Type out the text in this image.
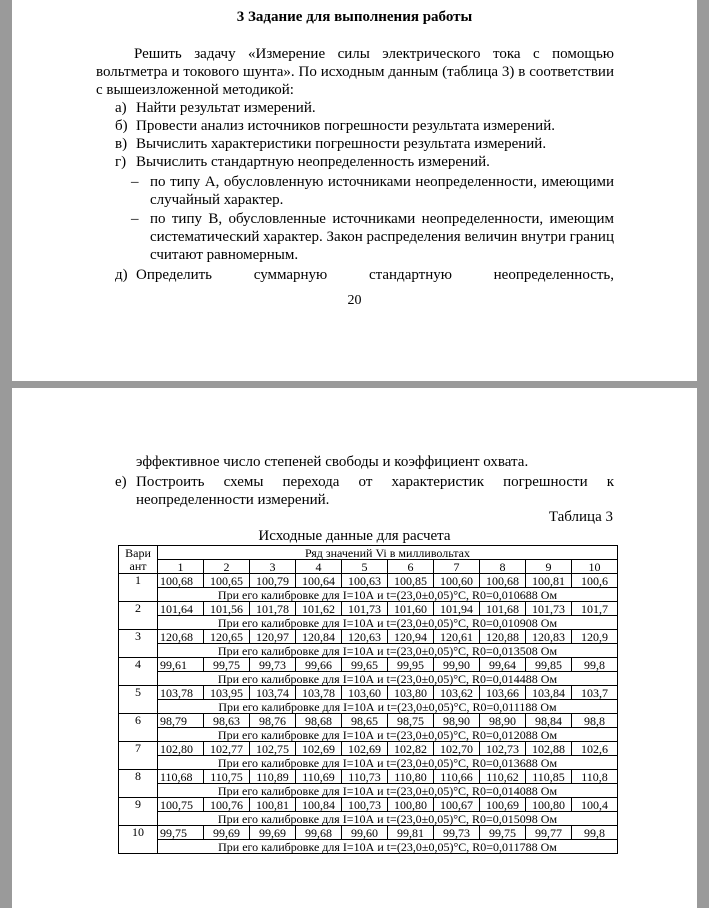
3 Задание для выполнения работы
Решить задачу «Измерение силы электрического тока с помощью вольтметра и токового шунта». По исходным данным (таблица 3) в соответствии с вышеизложенной методикой:
а) Найти результат измерений.
б) Провести анализ источников погрешности результата измерений.
в) Вычислить характеристики погрешности результата измерений.
г) Вычислить стандартную неопределенность измерений.
– по типу A, обусловленную источниками неопределенности, имеющими случайный характер.
– по типу B, обусловленные источниками неопределенности, имеющим систематический характер. Закон распределения величин внутри границ считают равномерным.
д) Определить суммарную стандартную неопределенность,
20
эффективное число степеней свободы и коэффициент охвата.
е) Построить схемы перехода от характеристик погрешности к неопределенности измерений.
Таблица 3
Исходные данные для расчета
Вари ант	Ряд значений Vi в милливольтах									
	1	2	3	4	5	6	7	8	9	10
1	100,68	100,65	100,79	100,64	100,63	100,85	100,60	100,68	100,81	100,6
	При его калибровке для I=10А и t=(23,0±0,05)°С, R0=0,010688 Ом									
2	101,64	101,56	101,78	101,62	101,73	101,60	101,94	101,68	101,73	101,7
	При его калибровке для I=10А и t=(23,0±0,05)°С, R0=0,010908 Ом									
3	120,68	120,65	120,97	120,84	120,63	120,94	120,61	120,88	120,83	120,9
	При его калибровке для I=10А и t=(23,0±0,05)°С, R0=0,013508 Ом									
4	99,61	99,75	99,73	99,66	99,65	99,95	99,90	99,64	99,85	99,8
	При его калибровке для I=10А и t=(23,0±0,05)°С, R0=0,014488 Ом									
5	103,78	103,95	103,74	103,78	103,60	103,80	103,62	103,66	103,84	103,7
	При его калибровке для I=10А и t=(23,0±0,05)°С, R0=0,011188 Ом									
6	98,79	98,63	98,76	98,68	98,65	98,75	98,90	98,90	98,84	98,8
	При его калибровке для I=10А и t=(23,0±0,05)°С, R0=0,012088 Ом									
7	102,80	102,77	102,75	102,69	102,69	102,82	102,70	102,73	102,88	102,6
	При его калибровке для I=10А и t=(23,0±0,05)°С, R0=0,013688 Ом									
8	110,68	110,75	110,89	110,69	110,73	110,80	110,66	110,62	110,85	110,8
	При его калибровке для I=10А и t=(23,0±0,05)°С, R0=0,014088 Ом									
9	100,75	100,76	100,81	100,84	100,73	100,80	100,67	100,69	100,80	100,4
	При его калибровке для I=10А и t=(23,0±0,05)°С, R0=0,015098 Ом									
10	99,75	99,69	99,69	99,68	99,60	99,81	99,73	99,75	99,77	99,8
	При его калибровке для I=10А и t=(23,0±0,05)°С, R0=0,011788 Ом									
